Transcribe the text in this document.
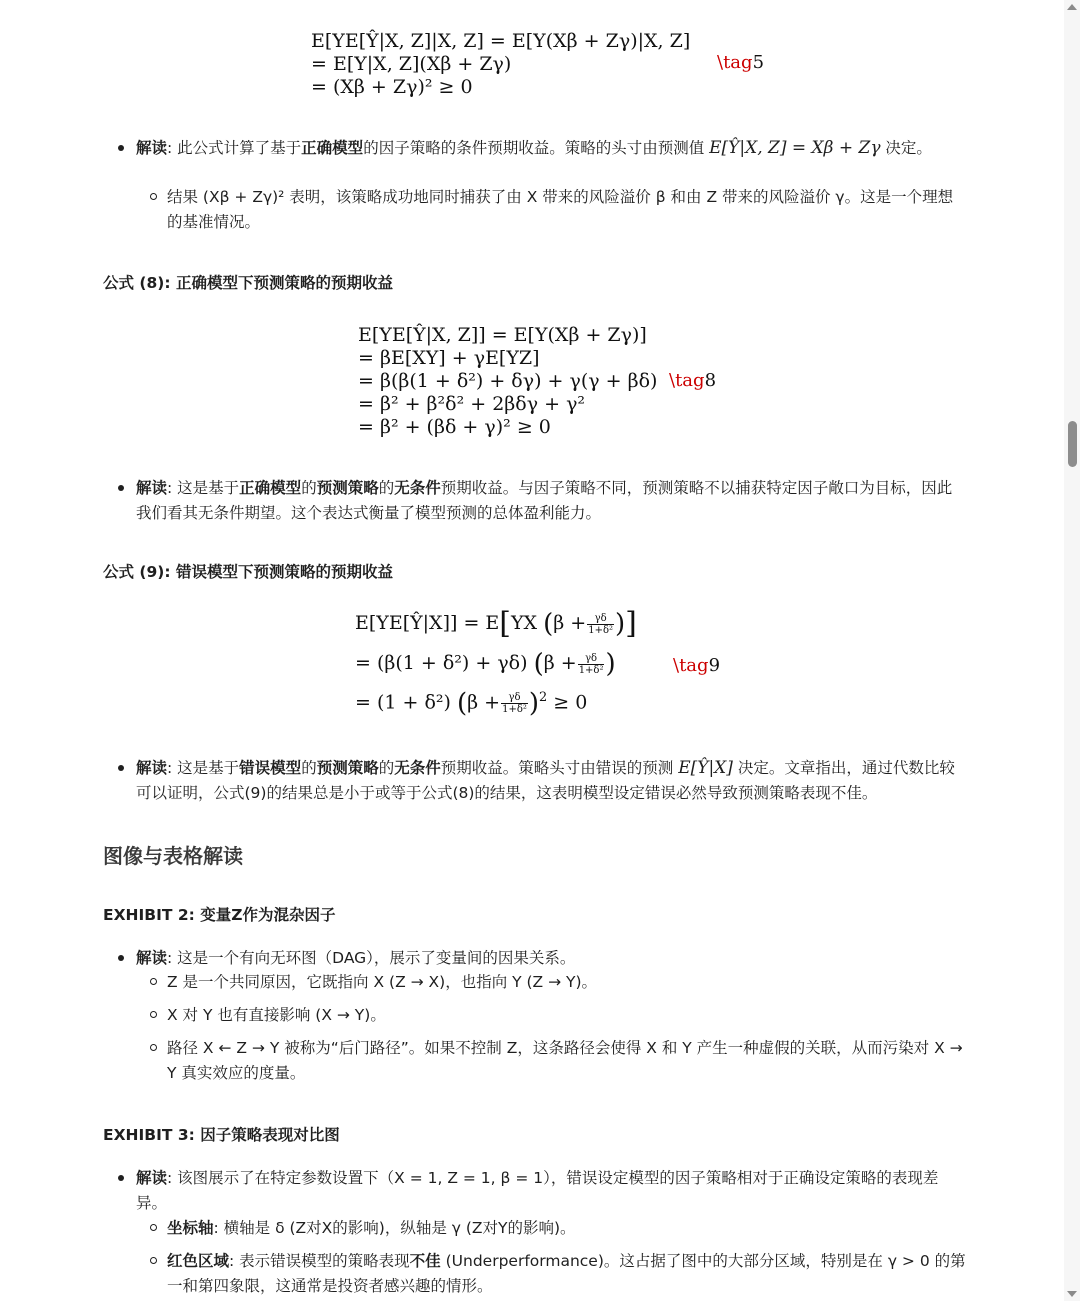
E[YE[Ŷ|X, Z]|X, Z] = E[Y(Xβ + Zγ)|X, Z]
= E[Y|X, Z](Xβ + Zγ)
= (Xβ + Zγ)² ≥ 0
\tag5
解读: 此公式计算了基于正确模型的因子策略的条件预期收益。策略的头寸由预测值 E[Ŷ|X, Z] = Xβ + Zγ 决定。
结果 (Xβ + Zγ)² 表明，该策略成功地同时捕获了由 X 带来的风险溢价 β 和由 Z 带来的风险溢价 γ。这是一个理想的基准情况。
公式 (8): 正确模型下预测策略的预期收益
E[YE[Ŷ|X, Z]] = E[Y(Xβ + Zγ)]
= βE[XY] + γE[YZ]
= β(β(1 + δ²) + δγ) + γ(γ + βδ)
= β² + β²δ² + 2βδγ + γ²
= β² + (βδ + γ)² ≥ 0
\tag8
解读: 这是基于正确模型的预测策略的无条件预期收益。与因子策略不同，预测策略不以捕获特定因子敞口为目标，因此我们看其无条件期望。这个表达式衡量了模型预测的总体盈利能力。
公式 (9): 错误模型下预测策略的预期收益
E[YE[Ŷ|X]] = E[YX ($\beta + \frac{\gamma\delta}{\text{1+δ²}}$ )]
= (β(1 + δ²) + γδ) ($\beta + \frac{\gamma\delta}{\text{1+δ²}}$ )
= (1 + δ²) $(\beta + \frac{\gamma\delta}{\text{1+δ²}} )^2 \ge 0$
\tag9
解读: 这是基于错误模型的预测策略的无条件预期收益。策略头寸由错误的预测 E[Ŷ|X] 决定。文章指出，通过代数比较可以证明，公式(9)的结果总是小于或等于公式(8)的结果，这表明模型设定错误必然导致预测策略表现不佳。
图像与表格解读
EXHIBIT 2: 变量Z作为混杂因子
解读: 这是一个有向无环图（DAG），展示了变量间的因果关系。
Z 是一个共同原因，它既指向 X (Z → X)，也指向 Y (Z → Y)。
X 对 Y 也有直接影响 (X → Y)。
路径 X ← Z → Y 被称为“后门路径”。如果不控制 Z，这条路径会使得 X 和 Y 产生一种虚假的关联，从而污染对 X → Y 真实效应的度量。
EXHIBIT 3: 因子策略表现对比图
解读: 该图展示了在特定参数设置下（X = 1, Z = 1, β = 1），错误设定模型的因子策略相对于正确设定策略的表现差异。
坐标轴: 横轴是 δ (Z对X的影响)，纵轴是 γ (Z对Y的影响)。
红色区域: 表示错误模型的策略表现不佳 (Underperformance)。这占据了图中的大部分区域，特别是在 γ > 0 的第一和第四象限，这通常是投资者感兴趣的情形。
